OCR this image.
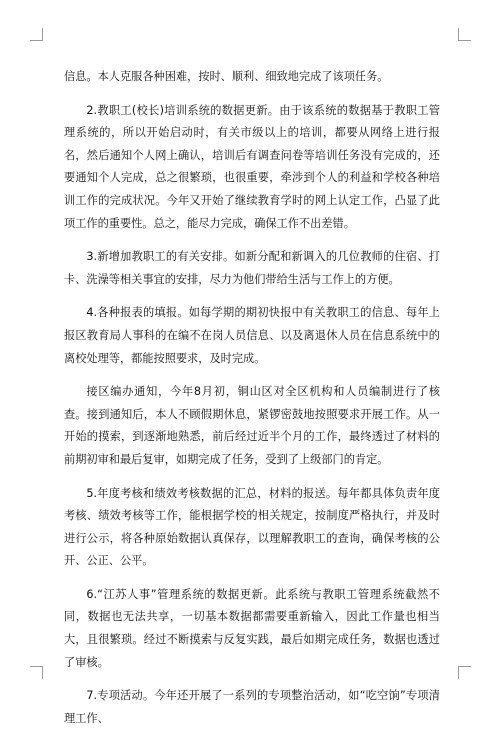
信息。本人克服各种困难，按时、顺利、细致地完成了该项任务。

2.教职工(校长)培训系统的数据更新。由于该系统的数据基于教职工管理系统的，所以开始启动时，有关市级以上的培训，都要从网络上进行报名，然后通知个人网上确认，培训后有调查问卷等培训任务没有完成的，还要通知个人完成，总之很繁琐，也很重要，牵涉到个人的利益和学校各种培训工作的完成状况。今年又开始了继续教育学时的网上认定工作，凸显了此项工作的重要性。总之，能尽力完成，确保工作不出差错。

3.新增加教职工的有关安排。如新分配和新调入的几位教师的住宿、打卡、洗澡等相关事宜的安排，尽力为他们带给生活与工作上的方便。

4.各种报表的填报。如每学期的期初快报中有关教职工的信息、每年上报区教育局人事科的在编不在岗人员信息、以及离退休人员在信息系统中的离校处理等，都能按照要求，及时完成。

接区编办通知，今年8月初，铜山区对全区机构和人员编制进行了核查。接到通知后，本人不顾假期休息，紧锣密鼓地按照要求开展工作。从一开始的摸索，到逐渐地熟悉，前后经过近半个月的工作，最终透过了材料的前期初审和最后复审，如期完成了任务，受到了上级部门的肯定。

5.年度考核和绩效考核数据的汇总，材料的报送。每年都具体负责年度考核、绩效考核等工作，能根据学校的相关规定，按制度严格执行，并及时进行公示，将各种原始数据认真保存，以理解教职工的查询，确保考核的公开、公正、公平。

6.“江苏人事”管理系统的数据更新。此系统与教职工管理系统截然不同，数据也无法共享，一切基本数据都需要重新输入，因此工作量也相当大，且很繁琐。经过不断摸索与反复实践，最后如期完成任务，数据也透过了审核。

7.专项活动。今年还开展了一系列的专项整治活动，如“吃空饷”专项清理工作、
